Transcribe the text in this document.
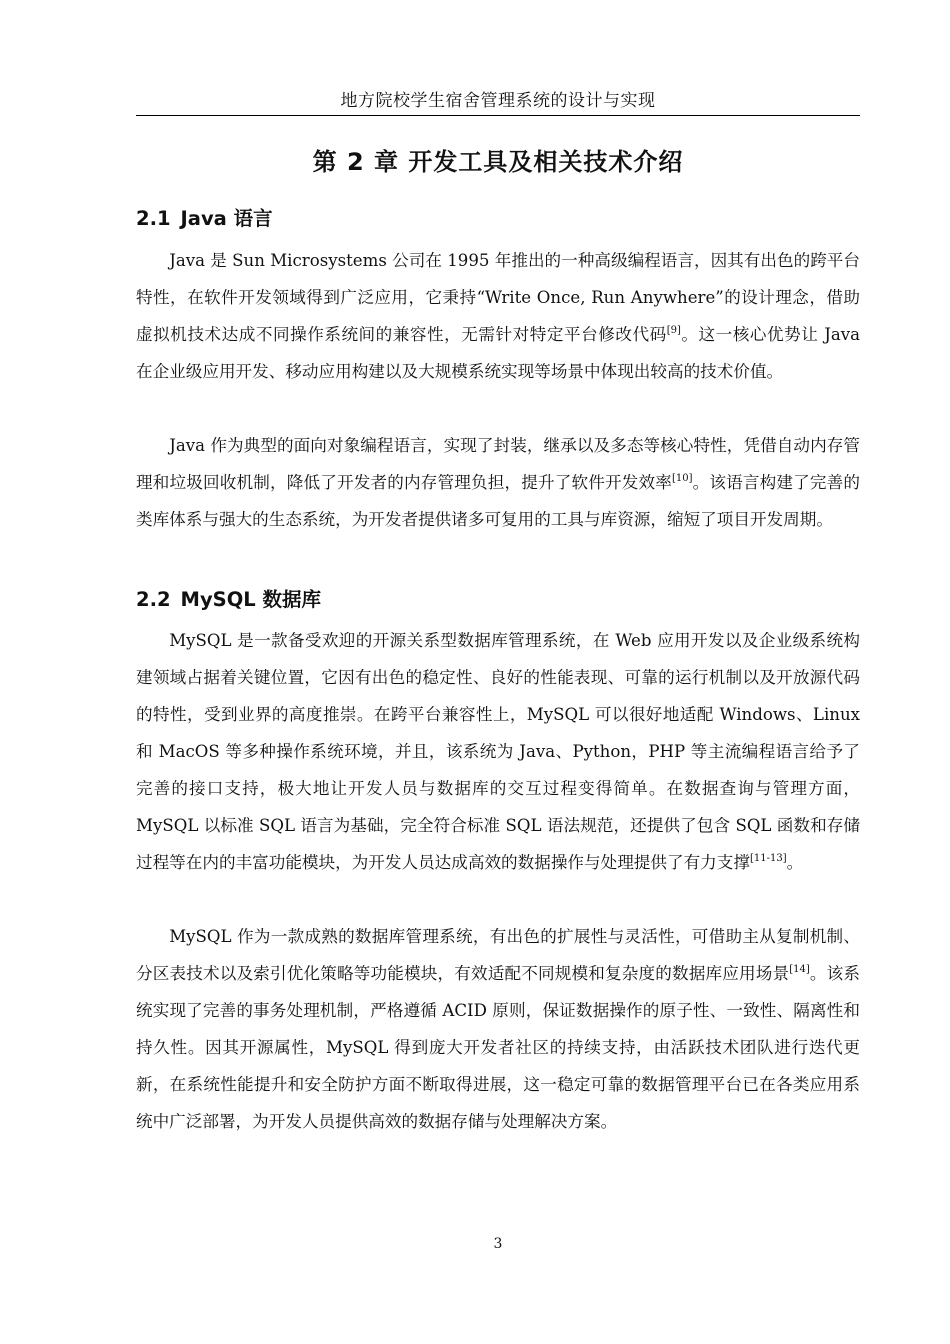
地方院校学生宿舍管理系统的设计与实现
第 2 章 开发工具及相关技术介绍
2.1 Java 语言

Java 是 Sun Microsystems 公司在 1995 年推出的一种高级编程语言，因其有出色的跨平台特性，在软件开发领域得到广泛应用，它秉持“Write Once, Run Anywhere”的设计理念，借助虚拟机技术达成不同操作系统间的兼容性，无需针对特定平台修改代码[9]。这一核心优势让 Java 在企业级应用开发、移动应用构建以及大规模系统实现等场景中体现出较高的技术价值。

Java 作为典型的面向对象编程语言，实现了封装，继承以及多态等核心特性，凭借自动内存管理和垃圾回收机制，降低了开发者的内存管理负担，提升了软件开发效率[10]。该语言构建了完善的类库体系与强大的生态系统，为开发者提供诸多可复用的工具与库资源，缩短了项目开发周期。

2.2 MySQL 数据库

MySQL 是一款备受欢迎的开源关系型数据库管理系统，在 Web 应用开发以及企业级系统构建领域占据着关键位置，它因有出色的稳定性、良好的性能表现、可靠的运行机制以及开放源代码的特性，受到业界的高度推崇。在跨平台兼容性上，MySQL 可以很好地适配 Windows、Linux 和 MacOS 等多种操作系统环境，并且，该系统为 Java、Python，PHP 等主流编程语言给予了完善的接口支持，极大地让开发人员与数据库的交互过程变得简单。在数据查询与管理方面，MySQL 以标准 SQL 语言为基础，完全符合标准 SQL 语法规范，还提供了包含 SQL 函数和存储过程等在内的丰富功能模块，为开发人员达成高效的数据操作与处理提供了有力支撑[11-13]。

MySQL 作为一款成熟的数据库管理系统，有出色的扩展性与灵活性，可借助主从复制机制、分区表技术以及索引优化策略等功能模块，有效适配不同规模和复杂度的数据库应用场景[14]。该系统实现了完善的事务处理机制，严格遵循 ACID 原则，保证数据操作的原子性、一致性、隔离性和持久性。因其开源属性，MySQL 得到庞大开发者社区的持续支持，由活跃技术团队进行迭代更新，在系统性能提升和安全防护方面不断取得进展，这一稳定可靠的数据管理平台已在各类应用系统中广泛部署，为开发人员提供高效的数据存储与处理解决方案。

3
